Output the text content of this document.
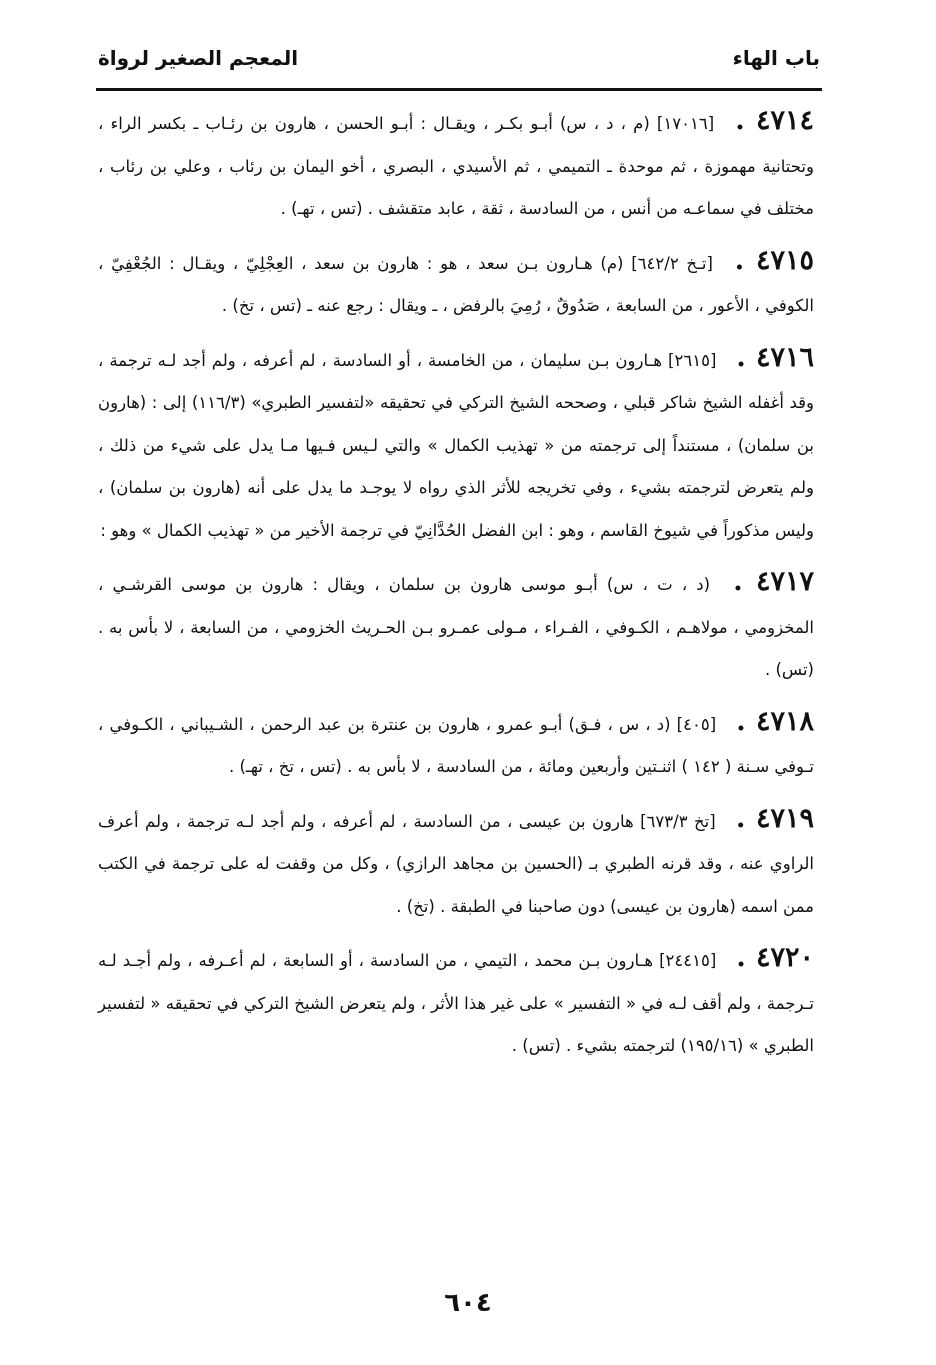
باب الهاء
المعجم الصغير لرواة

٤٧١٤ . [١٧٠١٦] (م ، د ، س) أبـو بكـر ، ويقـال : أبـو الحسن ، هارون بن رئـاب ـ بكسر الراء ، وتحتانية مهموزة ، ثم موحدة ـ التميمي ، ثم الأسيدي ، البصري ، أخو اليمان بن رئاب ، وعلي بن رئاب ، مختلف في سماعـه من أنس ، من السادسة ، ثقة ، عابد متقشف . (تس ، تهـ) .

٤٧١٥ . [تـخ ٦٤٢/٢] (م) هـارون بـن سعد ، هو : هارون بن سعد ، العِجْلِيّ ، ويقـال : الجُعْفِيّ ، الكوفي ، الأعور ، من السابعة ، صَدُوقٌ ، رُمِيَ بالرفض ، ـ ويقال : رجع عنه ـ (تس ، تخ) .

٤٧١٦ . [٢٦١٥] هـارون بـن سليمان ، من الخامسة ، أو السادسة ، لم أعرفه ، ولم أجد لـه ترجمة ، وقد أغفله الشيخ شاكر قبلي ، وصححه الشيخ التركي في تحقيقه «لتفسير الطبري» (١١٦/٣) إلى : (هارون بن سلمان) ، مستنداً إلى ترجمته من « تهذيب الكمال » والتي لـيس فـيها مـا يدل على شيء من ذلك ، ولم يتعرض لترجمته بشيء ، وفي تخريجه للأثر الذي رواه لا يوجـد ما يدل على أنه (هارون بن سلمان) ، وليس مذكوراً في شيوخ القاسم ، وهو : ابن الفضل الحُدَّانِيّ في ترجمة الأخير من « تهذيب الكمال » وهو :

٤٧١٧ . (د ، ت ، س) أبـو موسى هارون بن سلمان ، ويقال : هارون بن موسى القرشـي ، المخزومي ، مولاهـم ، الكـوفي ، الفـراء ، مـولى عمـرو بـن الحـريث الخزومي ، من السابعة ، لا بأس به . (تس) .

٤٧١٨ . [٤٠٥] (د ، س ، فـق) أبـو عمرو ، هارون بن عنترة بن عبد الرحمن ، الشـيباني ، الكـوفي ، تـوفي سـنة ( ١٤٢ ) اثنـتين وأربعين ومائة ، من السادسة ، لا بأس به . (تس ، تخ ، تهـ) .

٤٧١٩ . [تخ ٦٧٣/٣] هارون بن عيسى ، من السادسة ، لم أعرفه ، ولم أجد لـه ترجمة ، ولم أعرف الراوي عنه ، وقد قرنه الطبري بـ (الحسين بن مجاهد الرازي) ، وكل من وقفت له على ترجمة في الكتب ممن اسمه (هارون بن عيسى) دون صاحبنا في الطبقة . (تخ) .

٤٧٢٠ . [٢٤٤١٥] هـارون بـن محمد ، التيمي ، من السادسة ، أو السابعة ، لم أعـرفه ، ولم أجـد لـه تـرجمة ، ولم أقف لـه في « التفسير » على غير هذا الأثر ، ولم يتعرض الشيخ التركي في تحقيقه « لتفسير الطبري » (١٩٥/١٦) لترجمته بشيء . (تس) .

٦٠٤
